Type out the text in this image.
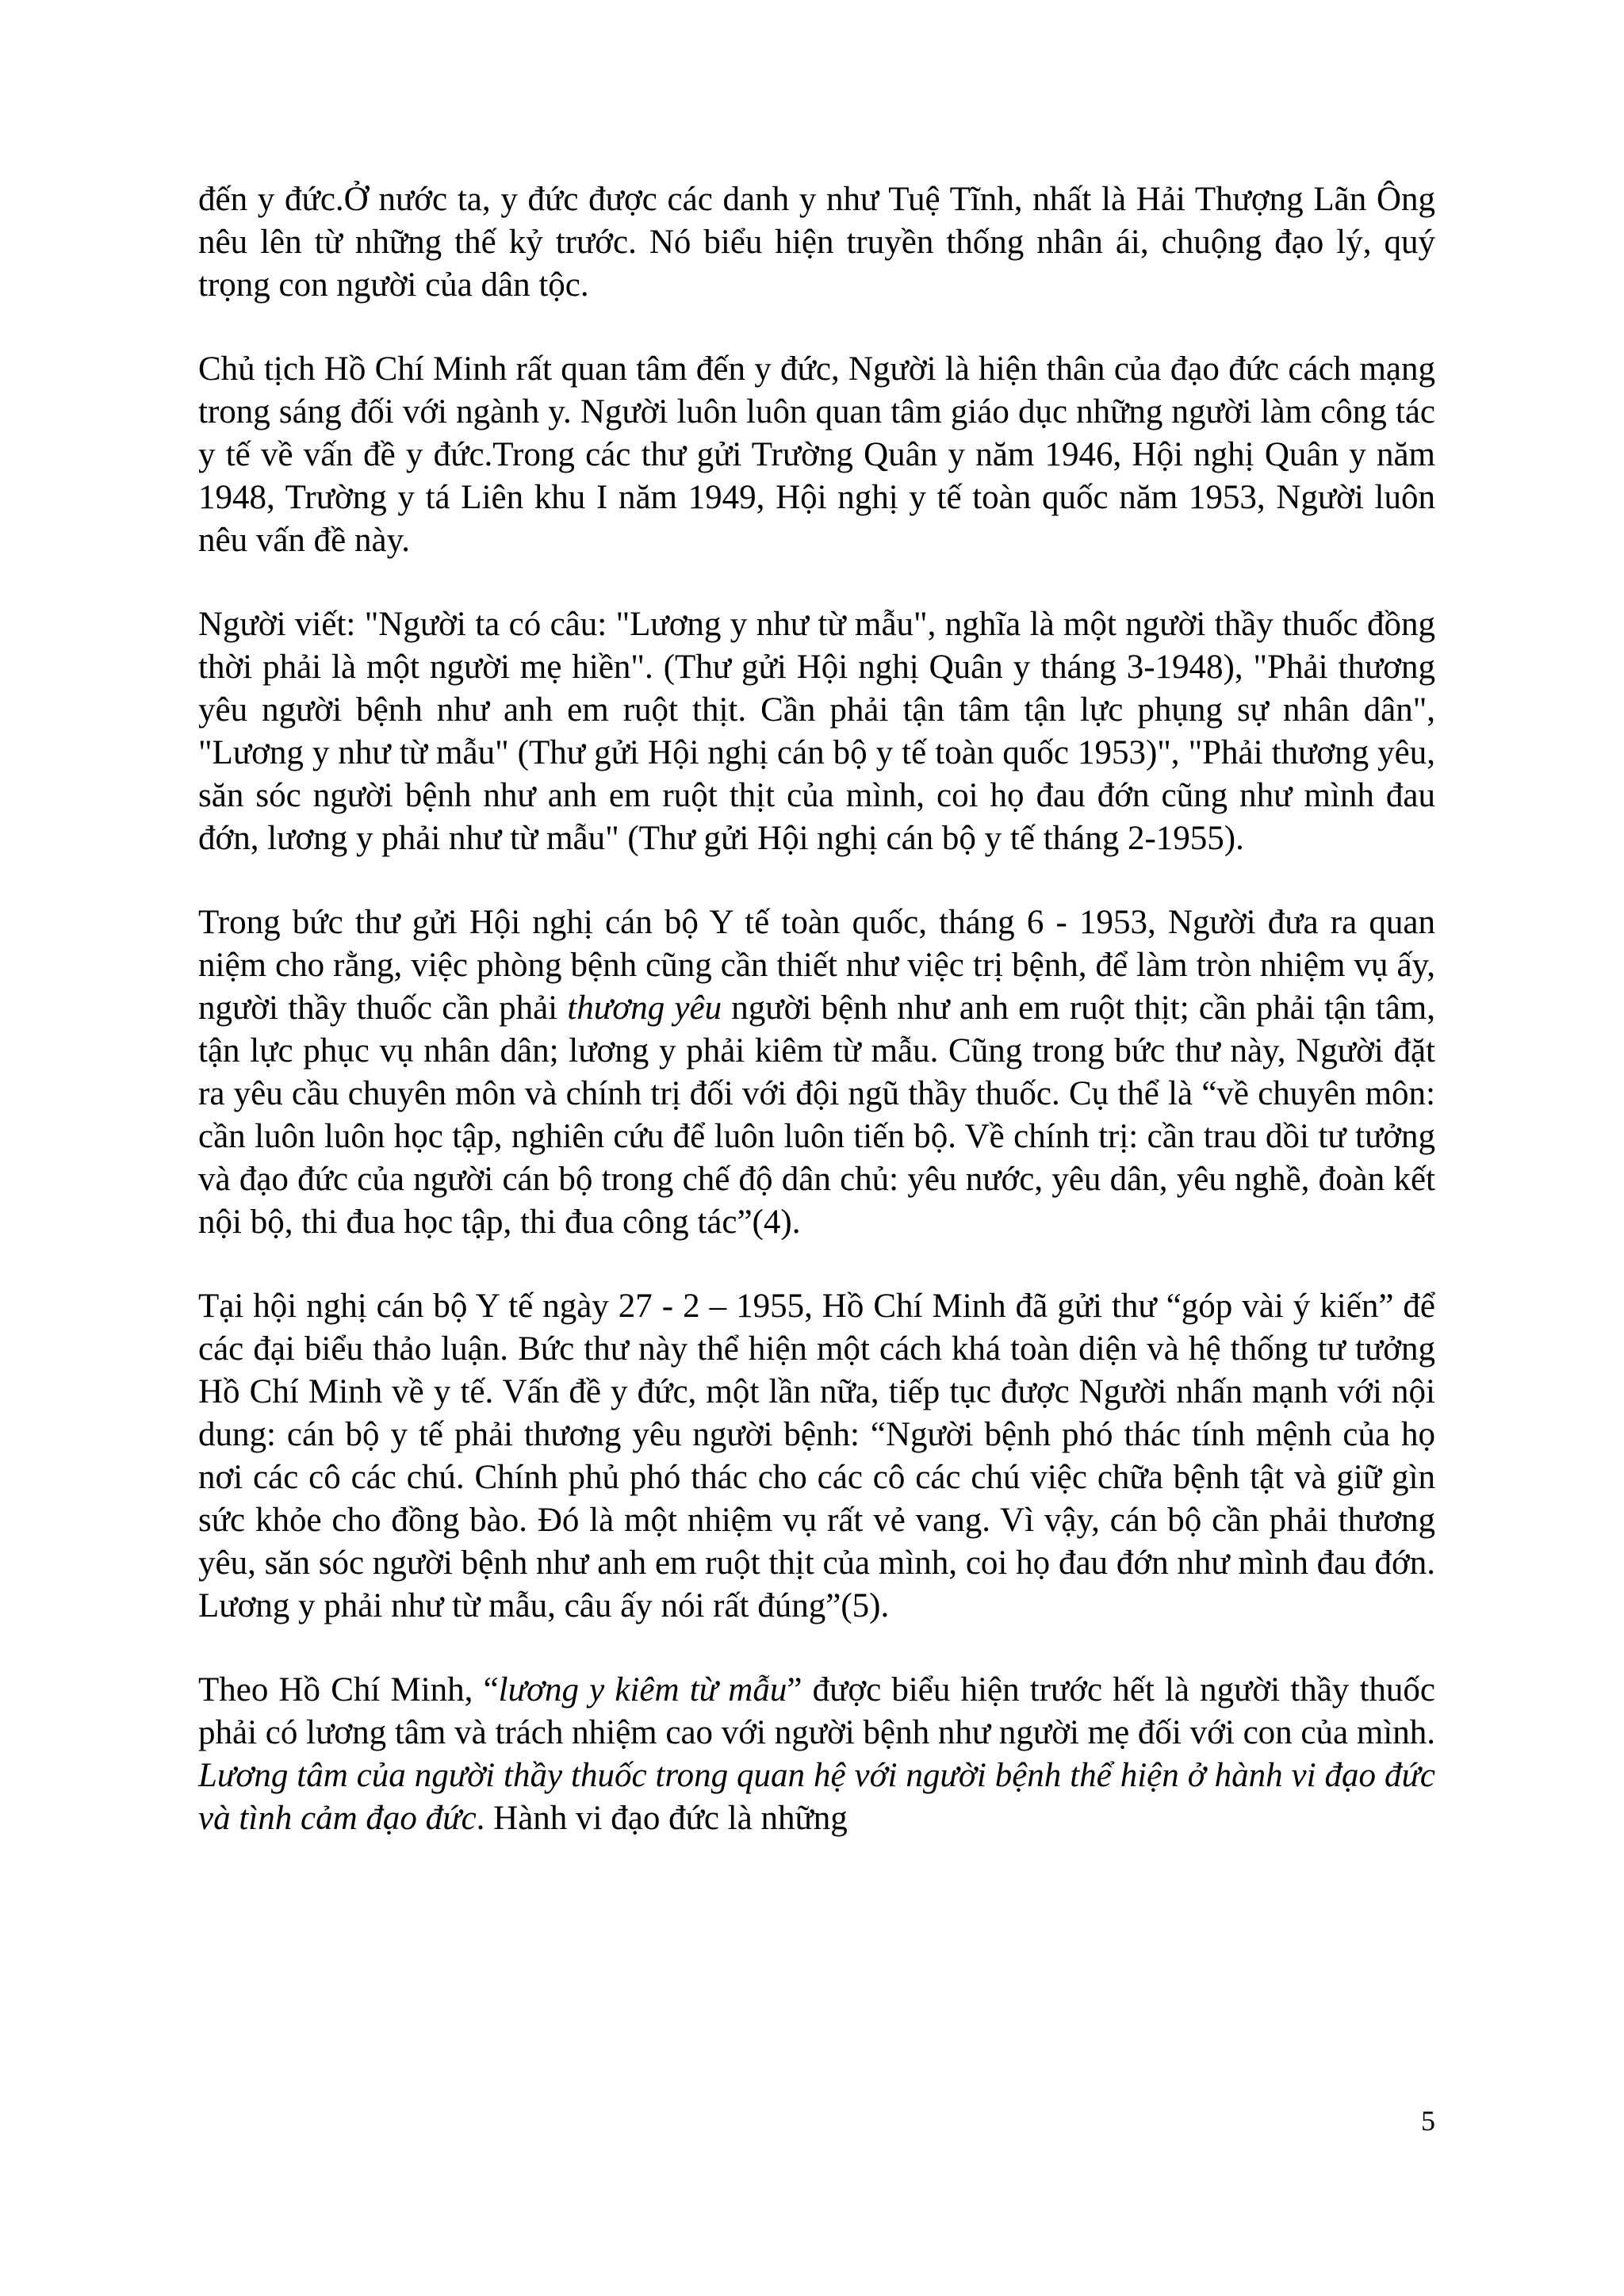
đến y đức.Ở nước ta, y đức được các danh y như Tuệ Tĩnh, nhất là Hải Thượng Lãn Ông nêu lên từ những thế kỷ trước. Nó biểu hiện truyền thống nhân ái, chuộng đạo lý, quý trọng con người của dân tộc.

Chủ tịch Hồ Chí Minh rất quan tâm đến y đức, Người là hiện thân của đạo đức cách mạng trong sáng đối với ngành y. Người luôn luôn quan tâm giáo dục những người làm công tác y tế về vấn đề y đức.Trong các thư gửi Trường Quân y năm 1946, Hội nghị Quân y năm 1948, Trường y tá Liên khu I năm 1949, Hội nghị y tế toàn quốc năm 1953, Người luôn nêu vấn đề này.

Người viết: "Người ta có câu: "Lương y như từ mẫu", nghĩa là một người thầy thuốc đồng thời phải là một người mẹ hiền". (Thư gửi Hội nghị Quân y tháng 3-1948), "Phải thương yêu người bệnh như anh em ruột thịt. Cần phải tận tâm tận lực phụng sự nhân dân", "Lương y như từ mẫu" (Thư gửi Hội nghị cán bộ y tế toàn quốc 1953)", "Phải thương yêu, săn sóc người bệnh như anh em ruột thịt của mình, coi họ đau đớn cũng như mình đau đớn, lương y phải như từ mẫu" (Thư gửi Hội nghị cán bộ y tế tháng 2-1955).

Trong bức thư gửi Hội nghị cán bộ Y tế toàn quốc, tháng 6 - 1953, Người đưa ra quan niệm cho rằng, việc phòng bệnh cũng cần thiết như việc trị bệnh, để làm tròn nhiệm vụ ấy, người thầy thuốc cần phải thương yêu người bệnh như anh em ruột thịt; cần phải tận tâm, tận lực phục vụ nhân dân; lương y phải kiêm từ mẫu. Cũng trong bức thư này, Người đặt ra yêu cầu chuyên môn và chính trị đối với đội ngũ thầy thuốc. Cụ thể là “về chuyên môn: cần luôn luôn học tập, nghiên cứu để luôn luôn tiến bộ. Về chính trị: cần trau dồi tư tưởng và đạo đức của người cán bộ trong chế độ dân chủ: yêu nước, yêu dân, yêu nghề, đoàn kết nội bộ, thi đua học tập, thi đua công tác”(4).

Tại hội nghị cán bộ Y tế ngày 27 - 2 – 1955, Hồ Chí Minh đã gửi thư “góp vài ý kiến” để các đại biểu thảo luận. Bức thư này thể hiện một cách khá toàn diện và hệ thống tư tưởng Hồ Chí Minh về y tế. Vấn đề y đức, một lần nữa, tiếp tục được Người nhấn mạnh với nội dung: cán bộ y tế phải thương yêu người bệnh: “Người bệnh phó thác tính mệnh của họ nơi các cô các chú. Chính phủ phó thác cho các cô các chú việc chữa bệnh tật và giữ gìn sức khỏe cho đồng bào. Đó là một nhiệm vụ rất vẻ vang. Vì vậy, cán bộ cần phải thương yêu, săn sóc người bệnh như anh em ruột thịt của mình, coi họ đau đớn như mình đau đớn. Lương y phải như từ mẫu, câu ấy nói rất đúng”(5).

Theo Hồ Chí Minh, “lương y kiêm từ mẫu” được biểu hiện trước hết là người thầy thuốc phải có lương tâm và trách nhiệm cao với người bệnh như người mẹ đối với con của mình. Lương tâm của người thầy thuốc trong quan hệ với người bệnh thể hiện ở hành vi đạo đức và tình cảm đạo đức. Hành vi đạo đức là những

5
